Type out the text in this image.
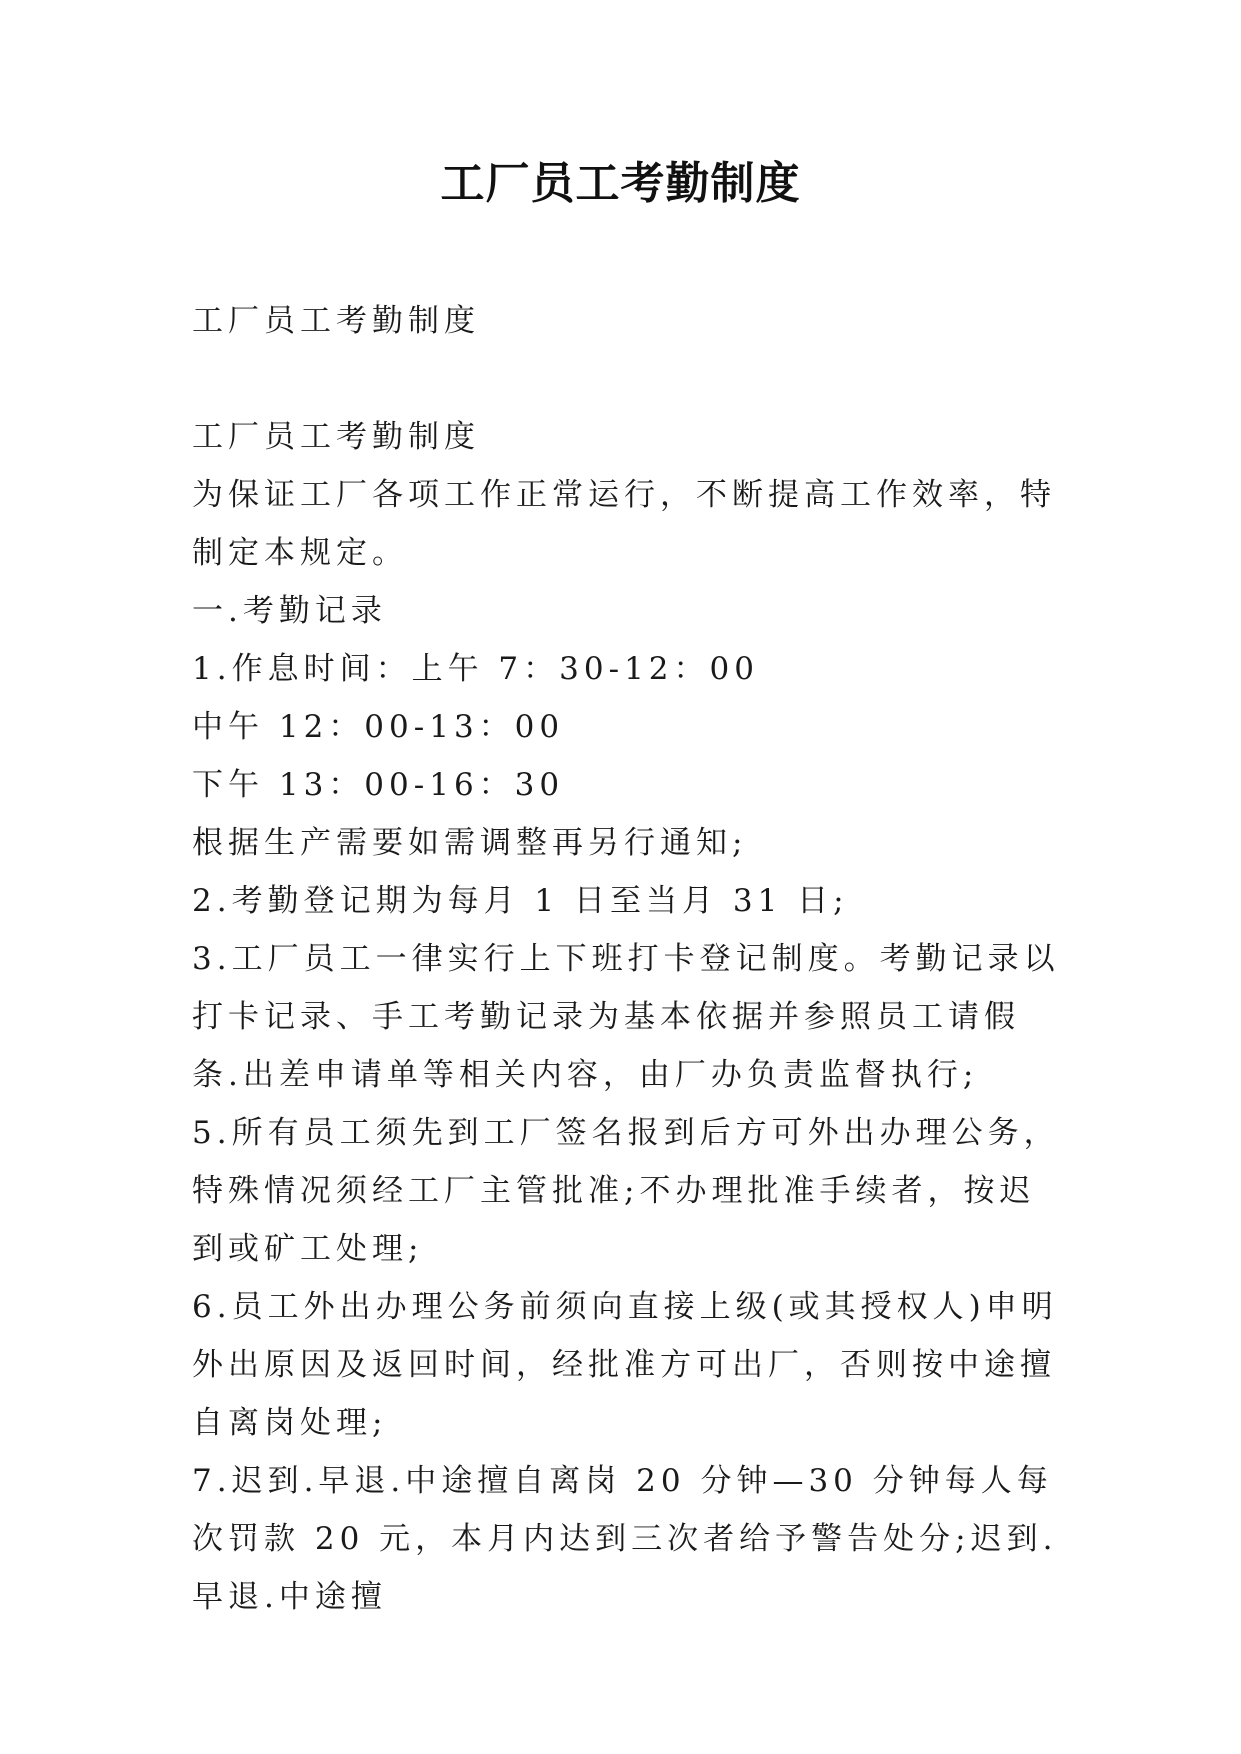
工厂员工考勤制度

工厂员工考勤制度

工厂员工考勤制度

为保证工厂各项工作正常运行，不断提高工作效率，特制定本规定。

一.考勤记录

1.作息时间：上午 7：30-12：00

中午 12：00-13：00

下午 13：00-16：30

根据生产需要如需调整再另行通知;

2.考勤登记期为每月 1 日至当月 31 日;

3.工厂员工一律实行上下班打卡登记制度。考勤记录以打卡记录、手工考勤记录为基本依据并参照员工请假条.出差申请单等相关内容，由厂办负责监督执行;

5.所有员工须先到工厂签名报到后方可外出办理公务，特殊情况须经工厂主管批准;不办理批准手续者，按迟到或矿工处理;

6.员工外出办理公务前须向直接上级(或其授权人)申明外出原因及返回时间，经批准方可出厂，否则按中途擅自离岗处理;

7.迟到.早退.中途擅自离岗 20 分钟—30 分钟每人每次罚款 20 元，本月内达到三次者给予警告处分;迟到.早退.中途擅
